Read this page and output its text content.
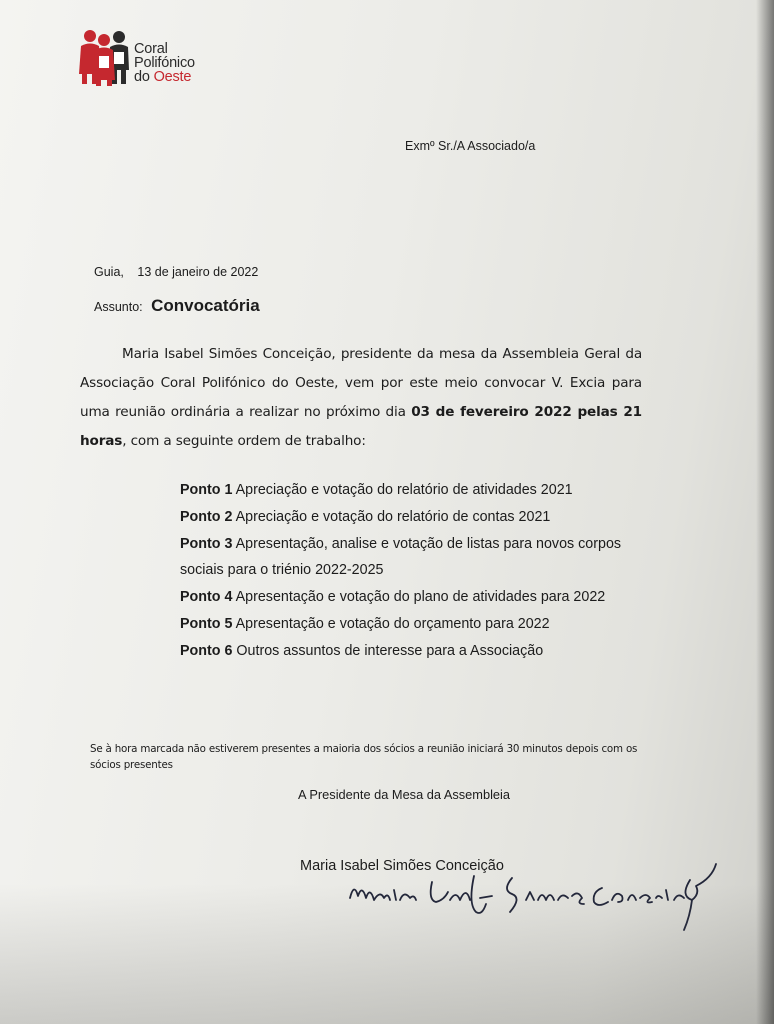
Coral
Polifónico
do Oeste
Exmº Sr./A Associado/a
Guia, 13 de janeiro de 2022
Assunto: Convocatória
Maria Isabel Simões Conceição, presidente da mesa da Assembleia Geral da Associação Coral Polifónico do Oeste, vem por este meio convocar V. Excia para uma reunião ordinária a realizar no próximo dia 03 de fevereiro 2022 pelas 21 horas, com a seguinte ordem de trabalho:
Ponto 1 Apreciação e votação do relatório de atividades 2021
Ponto 2 Apreciação e votação do relatório de contas 2021
Ponto 3 Apresentação, analise e votação de listas para novos corpos
sociais para o triénio 2022-2025
Ponto 4 Apresentação e votação do plano de atividades para 2022
Ponto 5 Apresentação e votação do orçamento para 2022
Ponto 6 Outros assuntos de interesse para a Associação
Se à hora marcada não estiverem presentes a maioria dos sócios a reunião iniciará 30 minutos depois com os sócios presentes
A Presidente da Mesa da Assembleia
Maria Isabel Simões Conceição
